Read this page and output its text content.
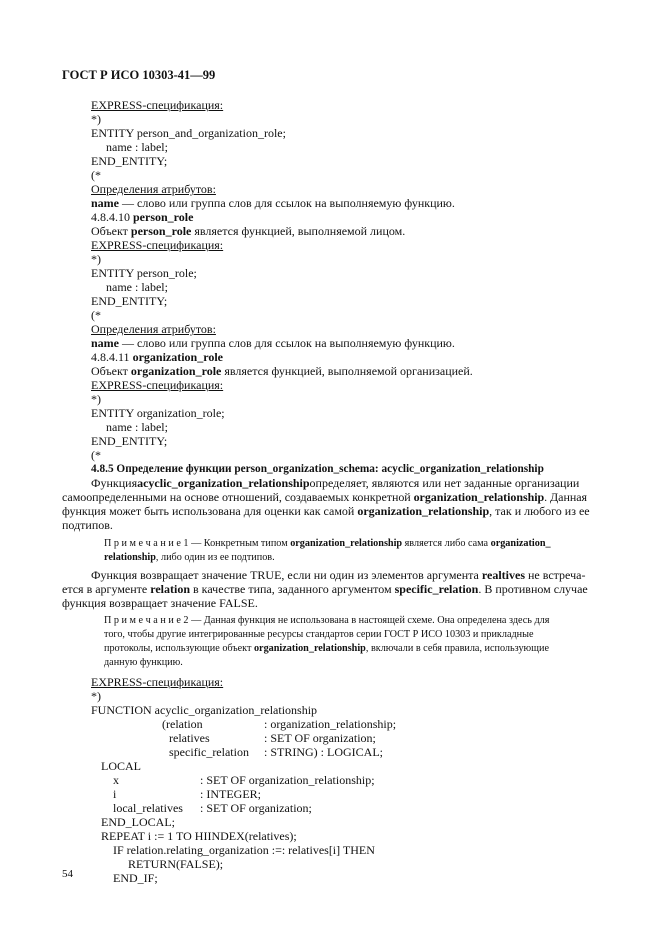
ГОСТ Р ИСО 10303-41—99
EXPRESS-спецификация:
*)
ENTITY person_and_organization_role;
name : label;
END_ENTITY;
(*
Определения атрибутов:
name — слово или группа слов для ссылок на выполняемую функцию.
4.8.4.10 person_role
Объект person_role является функцией, выполняемой лицом.
EXPRESS-спецификация:
*)
ENTITY person_role;
name : label;
END_ENTITY;
(*
Определения атрибутов:
name — слово или группа слов для ссылок на выполняемую функцию.
4.8.4.11 organization_role
Объект organization_role является функцией, выполняемой организацией.
EXPRESS-спецификация:
*)
ENTITY organization_role;
name : label;
END_ENTITY;
(*
4.8.5 Определение функции person_organization_schema: acyclic_organization_relationship
Функция acyclic_organization_relationship определяет, являются или нет заданные организации
самоопределенными на основе отношений, создаваемых конкретной organization_relationship. Данная
функция может быть использована для оценки как самой organization_relationship, так и любого из ее
подтипов.
П р и м е ч а н и е 1 — Конкретным типом organization_relationship является либо сама organization_
relationship, либо один из ее подтипов.
Функция возвращает значение TRUE, если ни один из элементов аргумента realtives не встреча-
ется в аргументе relation в качестве типа, заданного аргументом specific_relation. В противном случае
функция возвращает значение FALSE.
П р и м е ч а н и е 2 — Данная функция не использована в настоящей схеме. Она определена здесь для
того, чтобы другие интегрированные ресурсы стандартов серии ГОСТ Р ИСО 10303 и прикладные
протоколы, использующие объект organization_relationship, включали в себя правила, использующие
данную функцию.
EXPRESS-спецификация:
*)
FUNCTION acyclic_organization_relationship
(relation	: organization_relationship;
relatives	: SET OF organization;
specific_relation : STRING) : LOGICAL;
LOCAL
x	: SET OF organization_relationship;
i	: INTEGER;
local_relatives : SET OF organization;
END_LOCAL;
REPEAT i := 1 TO HIINDEX(relatives);
IF relation.relating_organization :=: relatives[i] THEN
RETURN(FALSE);
END_IF;
54
